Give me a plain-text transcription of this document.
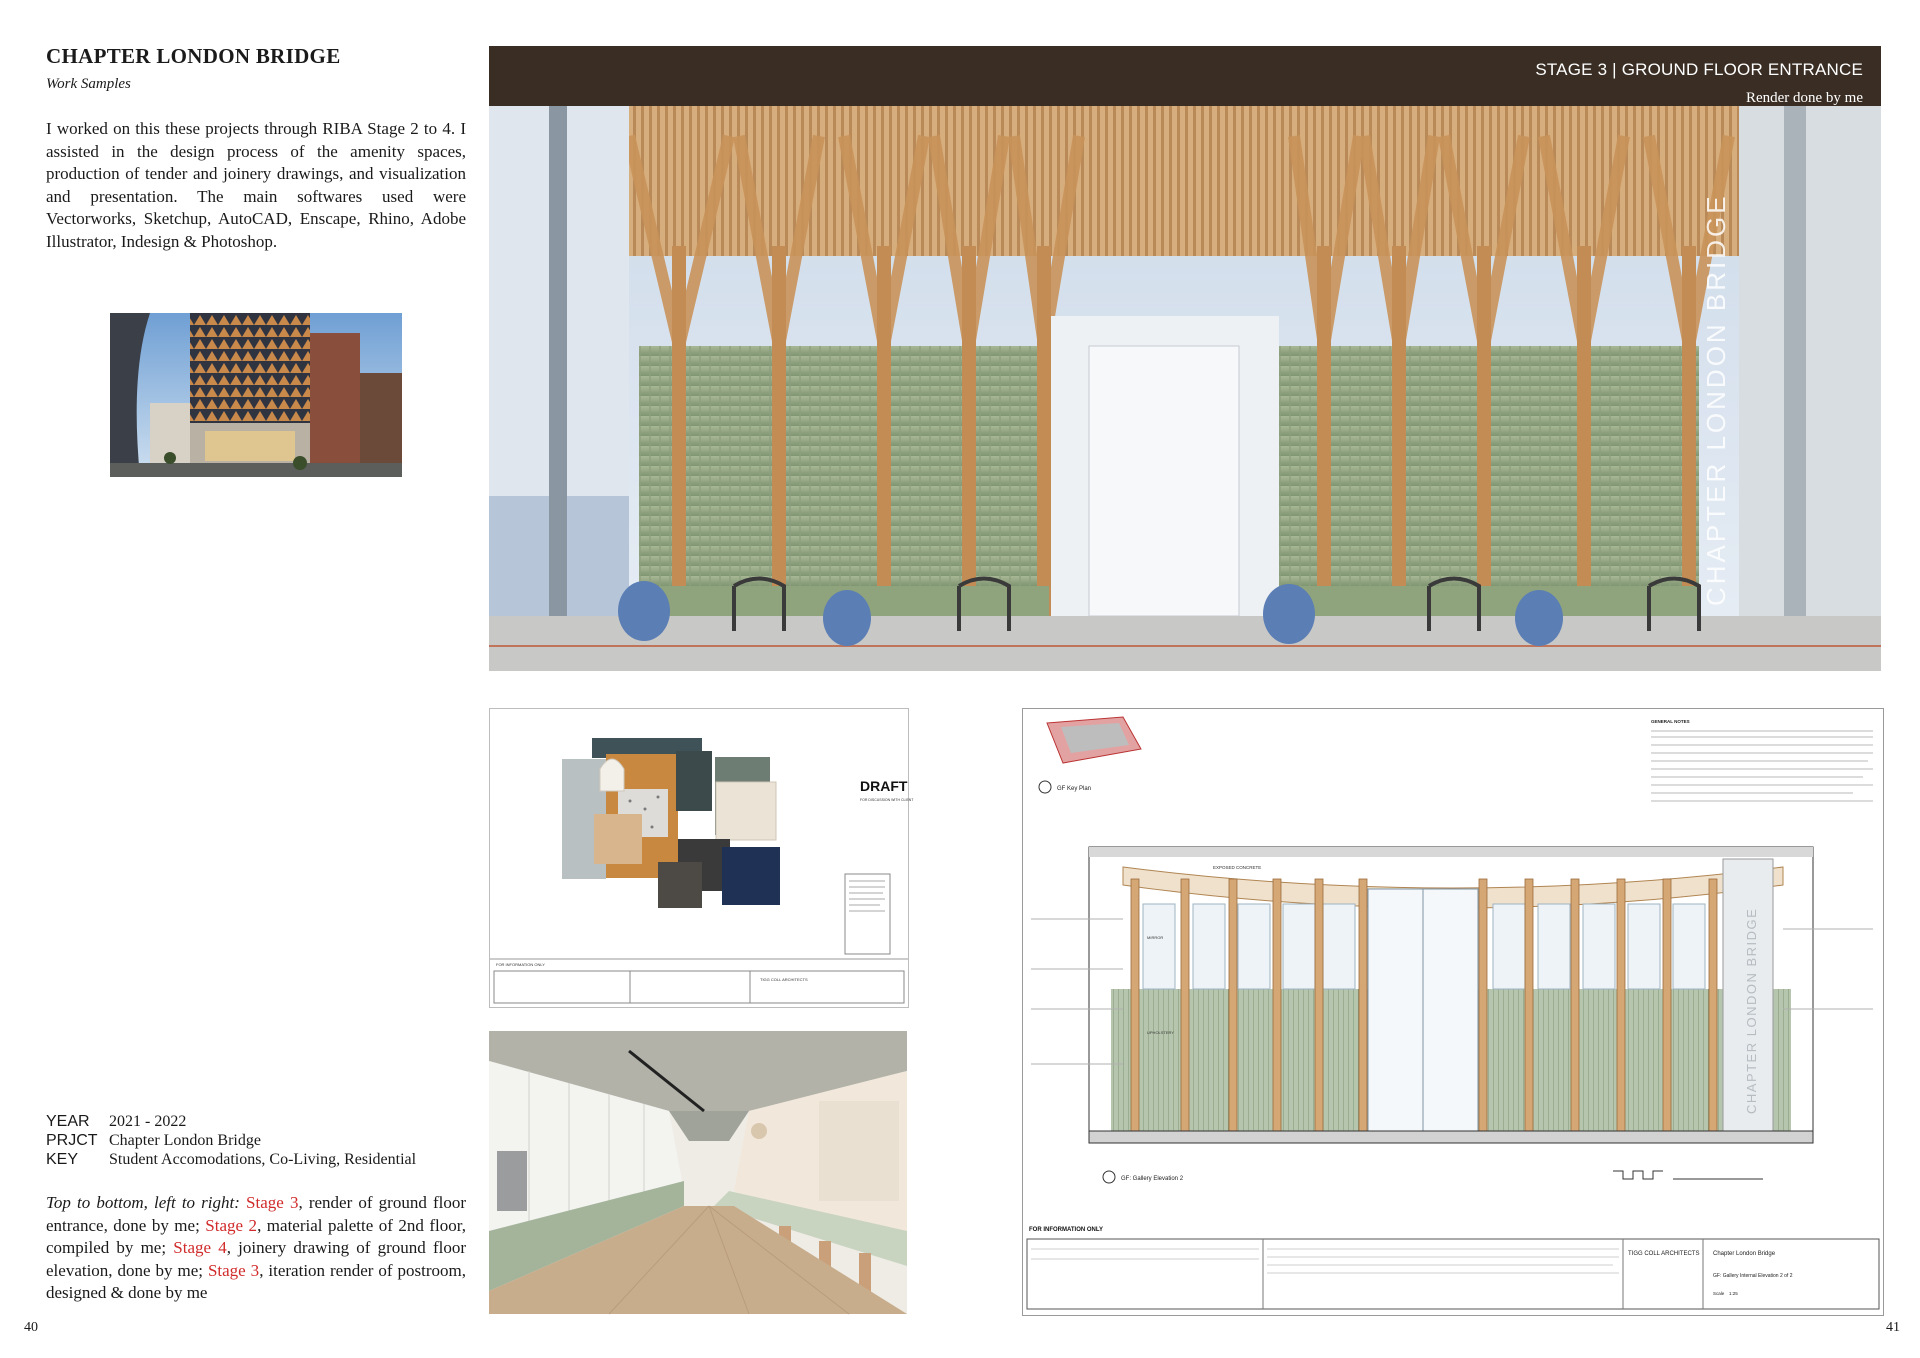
CHAPTER LONDON BRIDGE
Work Samples
I worked on this these projects through RIBA Stage 2 to 4. I assisted in the design process of the amenity spaces, production of tender and joinery drawings, and visualization and presentation. The main softwares used were Vectorworks, Sketchup, AutoCAD, Enscape, Rhino, Adobe Illustrator, Indesign & Photoshop.
YEAR	2021 - 2022
PRJCT Chapter London Bridge
KEY	Student Accomodations, Co-Living, Residential
Top to bottom, left to right: Stage 3, render of ground floor entrance, done by me; Stage 2, material palette of 2nd floor, compiled by me; Stage 4, joinery drawing of ground floor elevation, done by me; Stage 3, iteration render of postroom, designed & done by me
40	41
CHAPTER LONDON BRIDGE
STAGE 3 | GROUND FLOOR ENTRANCE
Render done by me
DRAFT
FOR DISCUSSION WITH CLIENT
FOR INFORMATION ONLY
TIGG COLL ARCHITECTS
GF Key Plan
GENERAL NOTES
EXPOSED CONCRETE
MIRROR
UPHOLSTERY	CHAPTER LONDON BRIDGE
GF: Gallery Elevation 2
FOR INFORMATION ONLY
TIGG COLL ARCHITECTS Chapter London Bridge
GF: Gallery Internal Elevation 2 of 2
Scale 1:25
